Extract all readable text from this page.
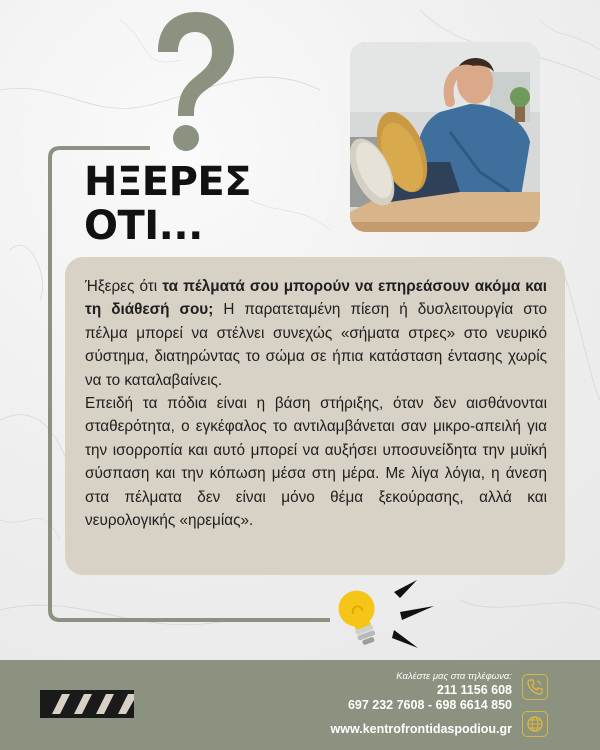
ΗΞΕΡΕΣ
ΟΤΙ...

Ήξερες ότι τα πέλματά σου μπορούν να επηρεάσουν ακόμα και τη διάθεσή σου; Η παρατεταμένη πίεση ή δυσλειτουργία στο πέλμα μπορεί να στέλνει συνεχώς «σήματα στρες» στο νευρικό σύστημα, διατηρώντας το σώμα σε ήπια κατάσταση έντασης χωρίς να το καταλαβαίνεις.
Επειδή τα πόδια είναι η βάση στήριξης, όταν δεν αισθάνονται σταθερότητα, ο εγκέφαλος το αντιλαμβάνεται σαν μικρο-απειλή για την ισορροπία και αυτό μπορεί να αυξήσει υποσυνείδητα την μυϊκή σύσπαση και την κόπωση μέσα στη μέρα. Με λίγα λόγια, η άνεση στα πέλματα δεν είναι μόνο θέμα ξεκούρασης, αλλά και νευρολογικής «ηρεμίας».

Καλέστε μας στα τηλέφωνα:
211 1156 608
697 232 7608 - 698 6614 850
www.kentrofrontidaspodiou.gr
